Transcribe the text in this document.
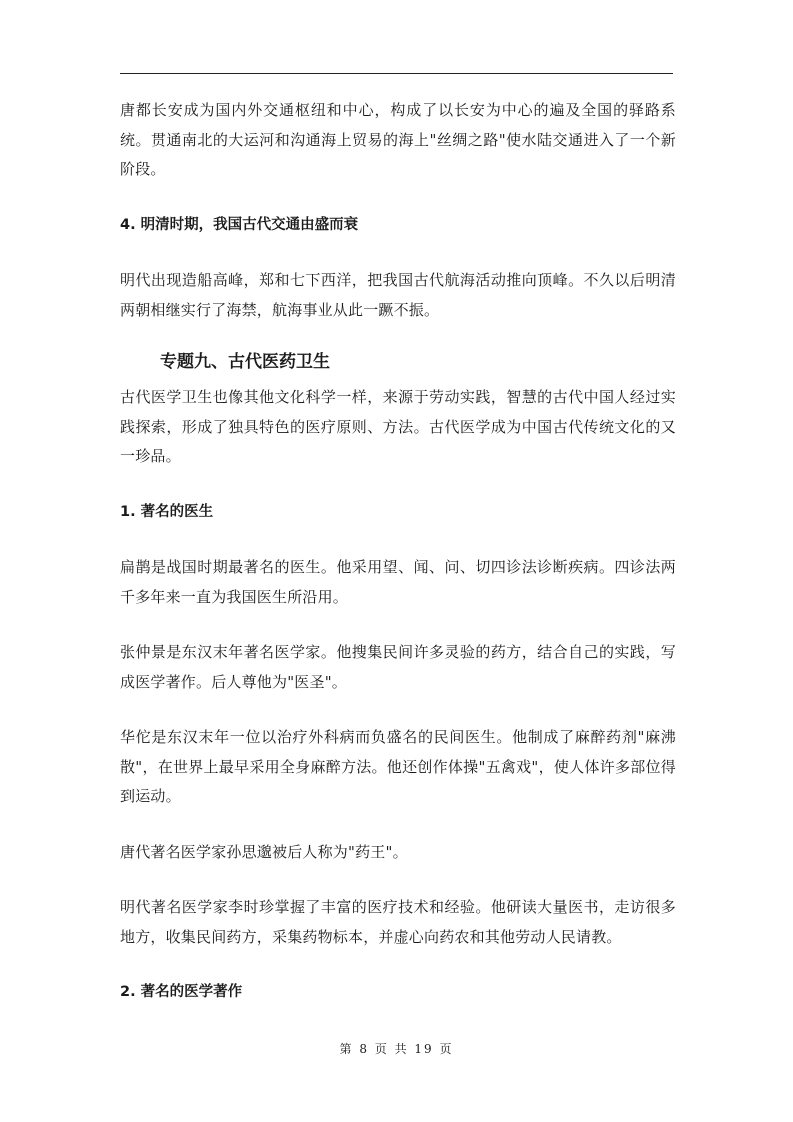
唐都长安成为国内外交通枢纽和中心，构成了以长安为中心的遍及全国的驿路系统。贯通南北的大运河和沟通海上贸易的海上"丝绸之路"使水陆交通进入了一个新阶段。

4. 明清时期，我国古代交通由盛而衰

明代出现造船高峰，郑和七下西洋，把我国古代航海活动推向顶峰。不久以后明清两朝相继实行了海禁，航海事业从此一蹶不振。

专题九、古代医药卫生

古代医学卫生也像其他文化科学一样，来源于劳动实践，智慧的古代中国人经过实践探索，形成了独具特色的医疗原则、方法。古代医学成为中国古代传统文化的又一珍品。

1. 著名的医生

扁鹊是战国时期最著名的医生。他采用望、闻、问、切四诊法诊断疾病。四诊法两千多年来一直为我国医生所沿用。

张仲景是东汉末年著名医学家。他搜集民间许多灵验的药方，结合自己的实践，写成医学著作。后人尊他为"医圣"。

华佗是东汉末年一位以治疗外科病而负盛名的民间医生。他制成了麻醉药剂"麻沸散"，在世界上最早采用全身麻醉方法。他还创作体操"五禽戏"，使人体许多部位得到运动。

唐代著名医学家孙思邈被后人称为"药王"。

明代著名医学家李时珍掌握了丰富的医疗技术和经验。他研读大量医书，走访很多地方，收集民间药方，采集药物标本，并虚心向药农和其他劳动人民请教。

2. 著名的医学著作

第 8 页 共 19 页
